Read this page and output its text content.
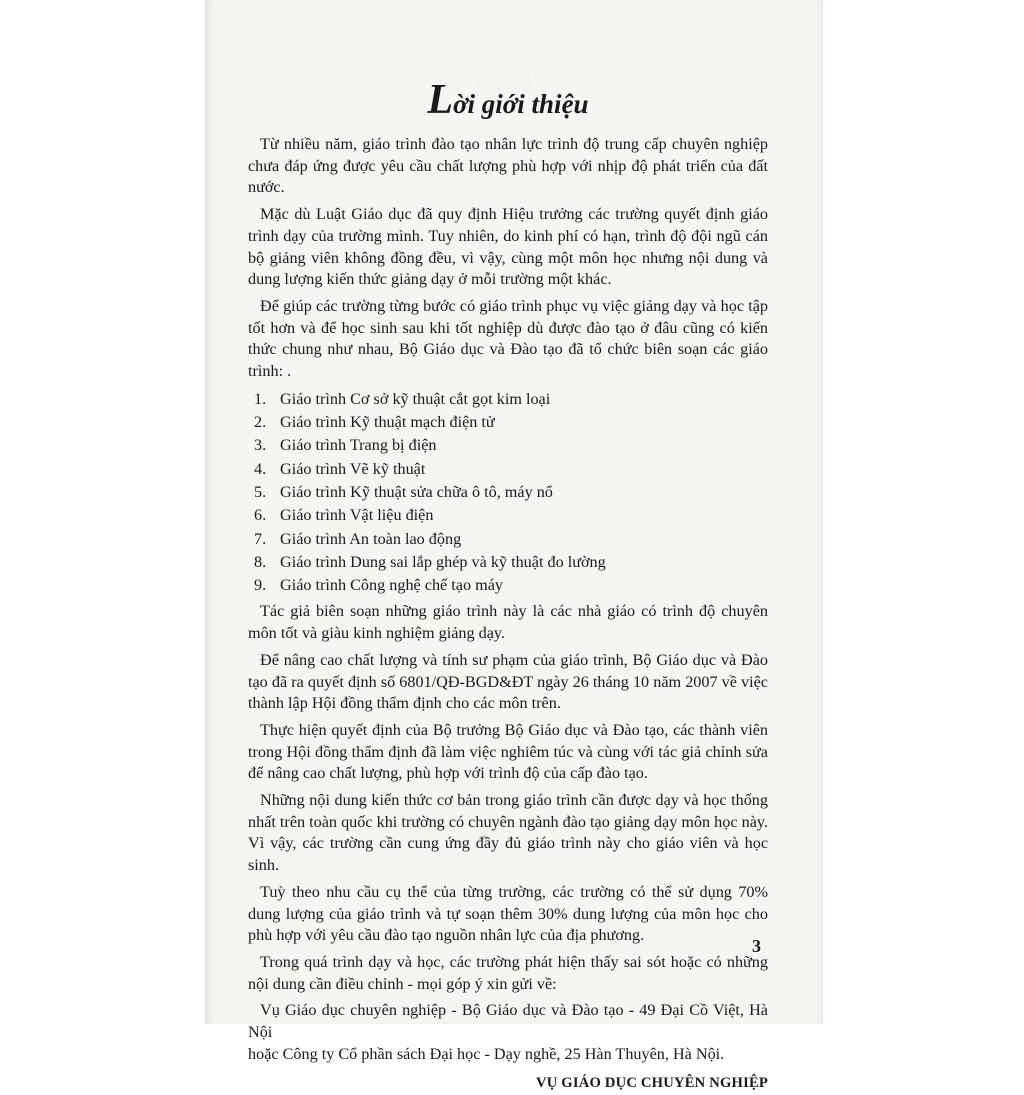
░░░░░░
Lời giới thiệu

Từ nhiều năm, giáo trình đào tạo nhân lực trình độ trung cấp chuyên nghiệp chưa đáp ứng được yêu cầu chất lượng phù hợp với nhịp độ phát triển của đất nước.

Mặc dù Luật Giáo dục đã quy định Hiệu trưởng các trường quyết định giáo trình dạy của trường mình. Tuy nhiên, do kinh phí có hạn, trình độ đội ngũ cán bộ giảng viên không đồng đều, vì vậy, cùng một môn học nhưng nội dung và dung lượng kiến thức giảng dạy ở mỗi trường một khác.

Để giúp các trường từng bước có giáo trình phục vụ việc giảng dạy và học tập tốt hơn và để học sinh sau khi tốt nghiệp dù được đào tạo ở đâu cũng có kiến thức chung như nhau, Bộ Giáo dục và Đào tạo đã tổ chức biên soạn các giáo trình: .

1. Giáo trình Cơ sở kỹ thuật cắt gọt kim loại
2. Giáo trình Kỹ thuật mạch điện tử
3. Giáo trình Trang bị điện
4. Giáo trình Vẽ kỹ thuật
5. Giáo trình Kỹ thuật sửa chữa ô tô, máy nổ
6. Giáo trình Vật liệu điện
7. Giáo trình An toàn lao động
8. Giáo trình Dung sai lắp ghép và kỹ thuật đo lường
9. Giáo trình Công nghệ chế tạo máy

Tác giả biên soạn những giáo trình này là các nhà giáo có trình độ chuyên môn tốt và giàu kinh nghiệm giảng dạy.

Để nâng cao chất lượng và tính sư phạm của giáo trình, Bộ Giáo dục và Đào tạo đã ra quyết định số 6801/QĐ-BGD&ĐT ngày 26 tháng 10 năm 2007 về việc thành lập Hội đồng thẩm định cho các môn trên.

Thực hiện quyết định của Bộ trưởng Bộ Giáo dục và Đào tạo, các thành viên trong Hội đồng thẩm định đã làm việc nghiêm túc và cùng với tác giả chỉnh sửa để nâng cao chất lượng, phù hợp với trình độ của cấp đào tạo.

Những nội dung kiến thức cơ bản trong giáo trình cần được dạy và học thống nhất trên toàn quốc khi trường có chuyên ngành đào tạo giảng dạy môn học này. Vì vậy, các trường cần cung ứng đầy đủ giáo trình này cho giáo viên và học sinh.

Tuỳ theo nhu cầu cụ thể của từng trường, các trường có thể sử dụng 70% dung lượng của giáo trình và tự soạn thêm 30% dung lượng của môn học cho phù hợp với yêu cầu đào tạo nguồn nhân lực của địa phương.

Trong quá trình dạy và học, các trường phát hiện thấy sai sót hoặc có những nội dung cần điều chỉnh - mọi góp ý xin gửi về:

Vụ Giáo dục chuyên nghiệp - Bộ Giáo dục và Đào tạo - 49 Đại Cồ Việt, Hà Nội

hoặc Công ty Cổ phần sách Đại học - Dạy nghề, 25 Hàn Thuyên, Hà Nội.

VỤ GIÁO DỤC CHUYÊN NGHIỆP
3
